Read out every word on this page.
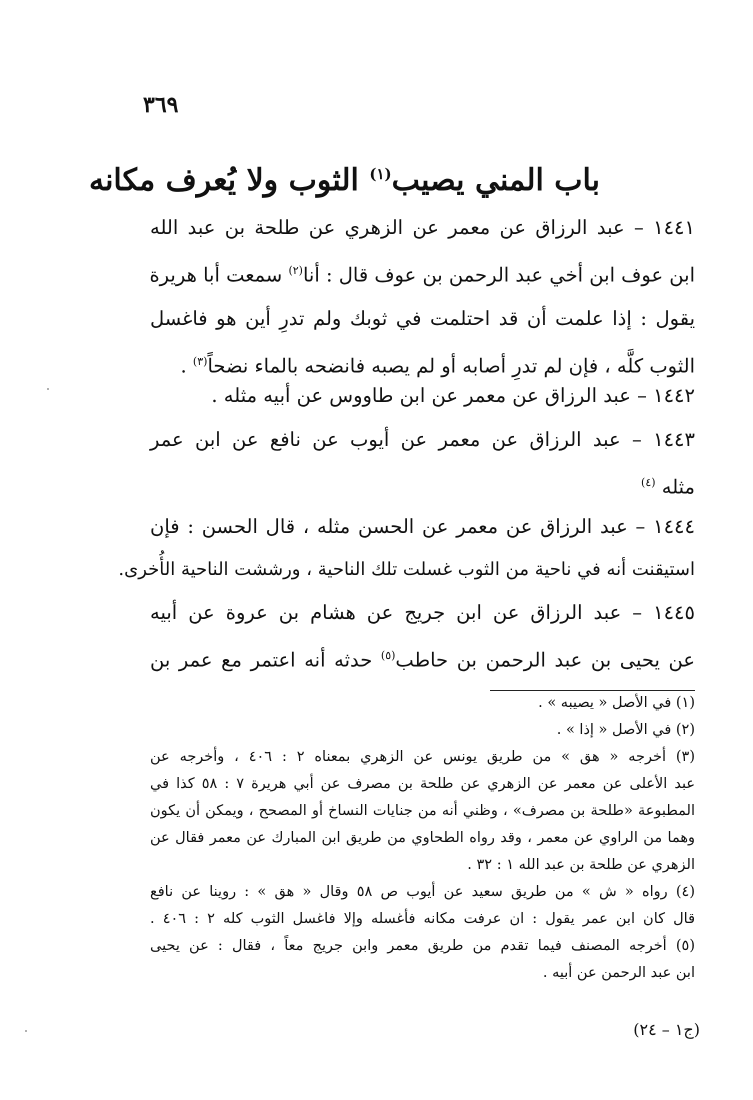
٣٦٩
باب المني يصيب$^{(١)}$ الثوب ولا يُعرف مكانه
١٤٤١ – عبد الرزاق عن معمر عن الزهري عن طلحة بن عبد الله
ابن عوف ابن أخي عبد الرحمن بن عوف قال : أنا$^{(٢)}$ سمعت أبا هريرة
يقول : إذا علمت أن قد احتلمت في ثوبك ولم تدرِ أين هو فاغسل
الثوب كلَّه ، فإن لم تدرِ أصابه أو لم يصبه فانضحه بالماء نضحاً$^{(٣)}$ .
١٤٤٢ – عبد الرزاق عن معمر عن ابن طاووس عن أبيه مثله .
١٤٤٣ – عبد الرزاق عن معمر عن أيوب عن نافع عن ابن عمر
مثله $^{(٤)}$
١٤٤٤ – عبد الرزاق عن معمر عن الحسن مثله ، قال الحسن : فإن
استيقنت أنه في ناحية من الثوب غسلت تلك الناحية ، ورششت الناحية الأُخرى.
١٤٤٥ – عبد الرزاق عن ابن جريج عن هشام بن عروة عن أبيه
عن يحيى بن عبد الرحمن بن حاطب$^{(٥)}$ حدثه أنه اعتمر مع عمر بن
(١) في الأصل « يصيبه » .
(٢) في الأصل « إذا » .
(٣) أخرجه « هق » من طريق يونس عن الزهري بمعناه ٢ : ٤٠٦ ، وأخرجه عن
عبد الأعلى عن معمر عن الزهري عن طلحة بن مصرف عن أبي هريرة ٧ : ٥٨ كذا في
المطبوعة «طلحة بن مصرف» ، وظني أنه من جنايات النساخ أو المصحح ، ويمكن أن يكون
وهما من الراوي عن معمر ، وقد رواه الطحاوي من طريق ابن المبارك عن معمر فقال عن
الزهري عن طلحة بن عبد الله ١ : ٣٢ .
(٤) رواه « ش » من طريق سعيد عن أيوب ص ٥٨ وقال « هق » : روينا عن نافع
قال كان ابن عمر يقول : ان عرفت مكانه فأغسله وإلا فاغسل الثوب كله ٢ : ٤٠٦ .
(٥) أخرجه المصنف فيما تقدم من طريق معمر وابن جريج معاً ، فقال : عن يحيى
ابن عبد الرحمن عن أبيه .
(ج١ – ٢٤)
